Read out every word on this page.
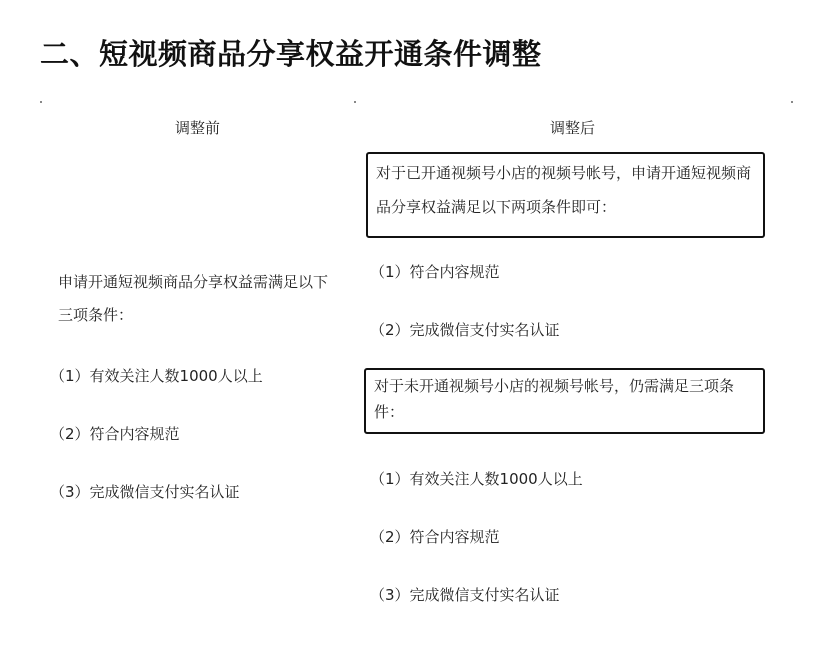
二、短视频商品分享权益开通条件调整
调整前
申请开通短视频商品分享权益需满足以下三项条件：
（1）有效关注人数1000人以上
（2）符合内容规范
（3）完成微信支付实名认证
调整后
对于已开通视频号小店的视频号帐号，申请开通短视频商品分享权益满足以下两项条件即可：
（1）符合内容规范
（2）完成微信支付实名认证
对于未开通视频号小店的视频号帐号，仍需满足三项条件：
（1）有效关注人数1000人以上
（2）符合内容规范
（3）完成微信支付实名认证
